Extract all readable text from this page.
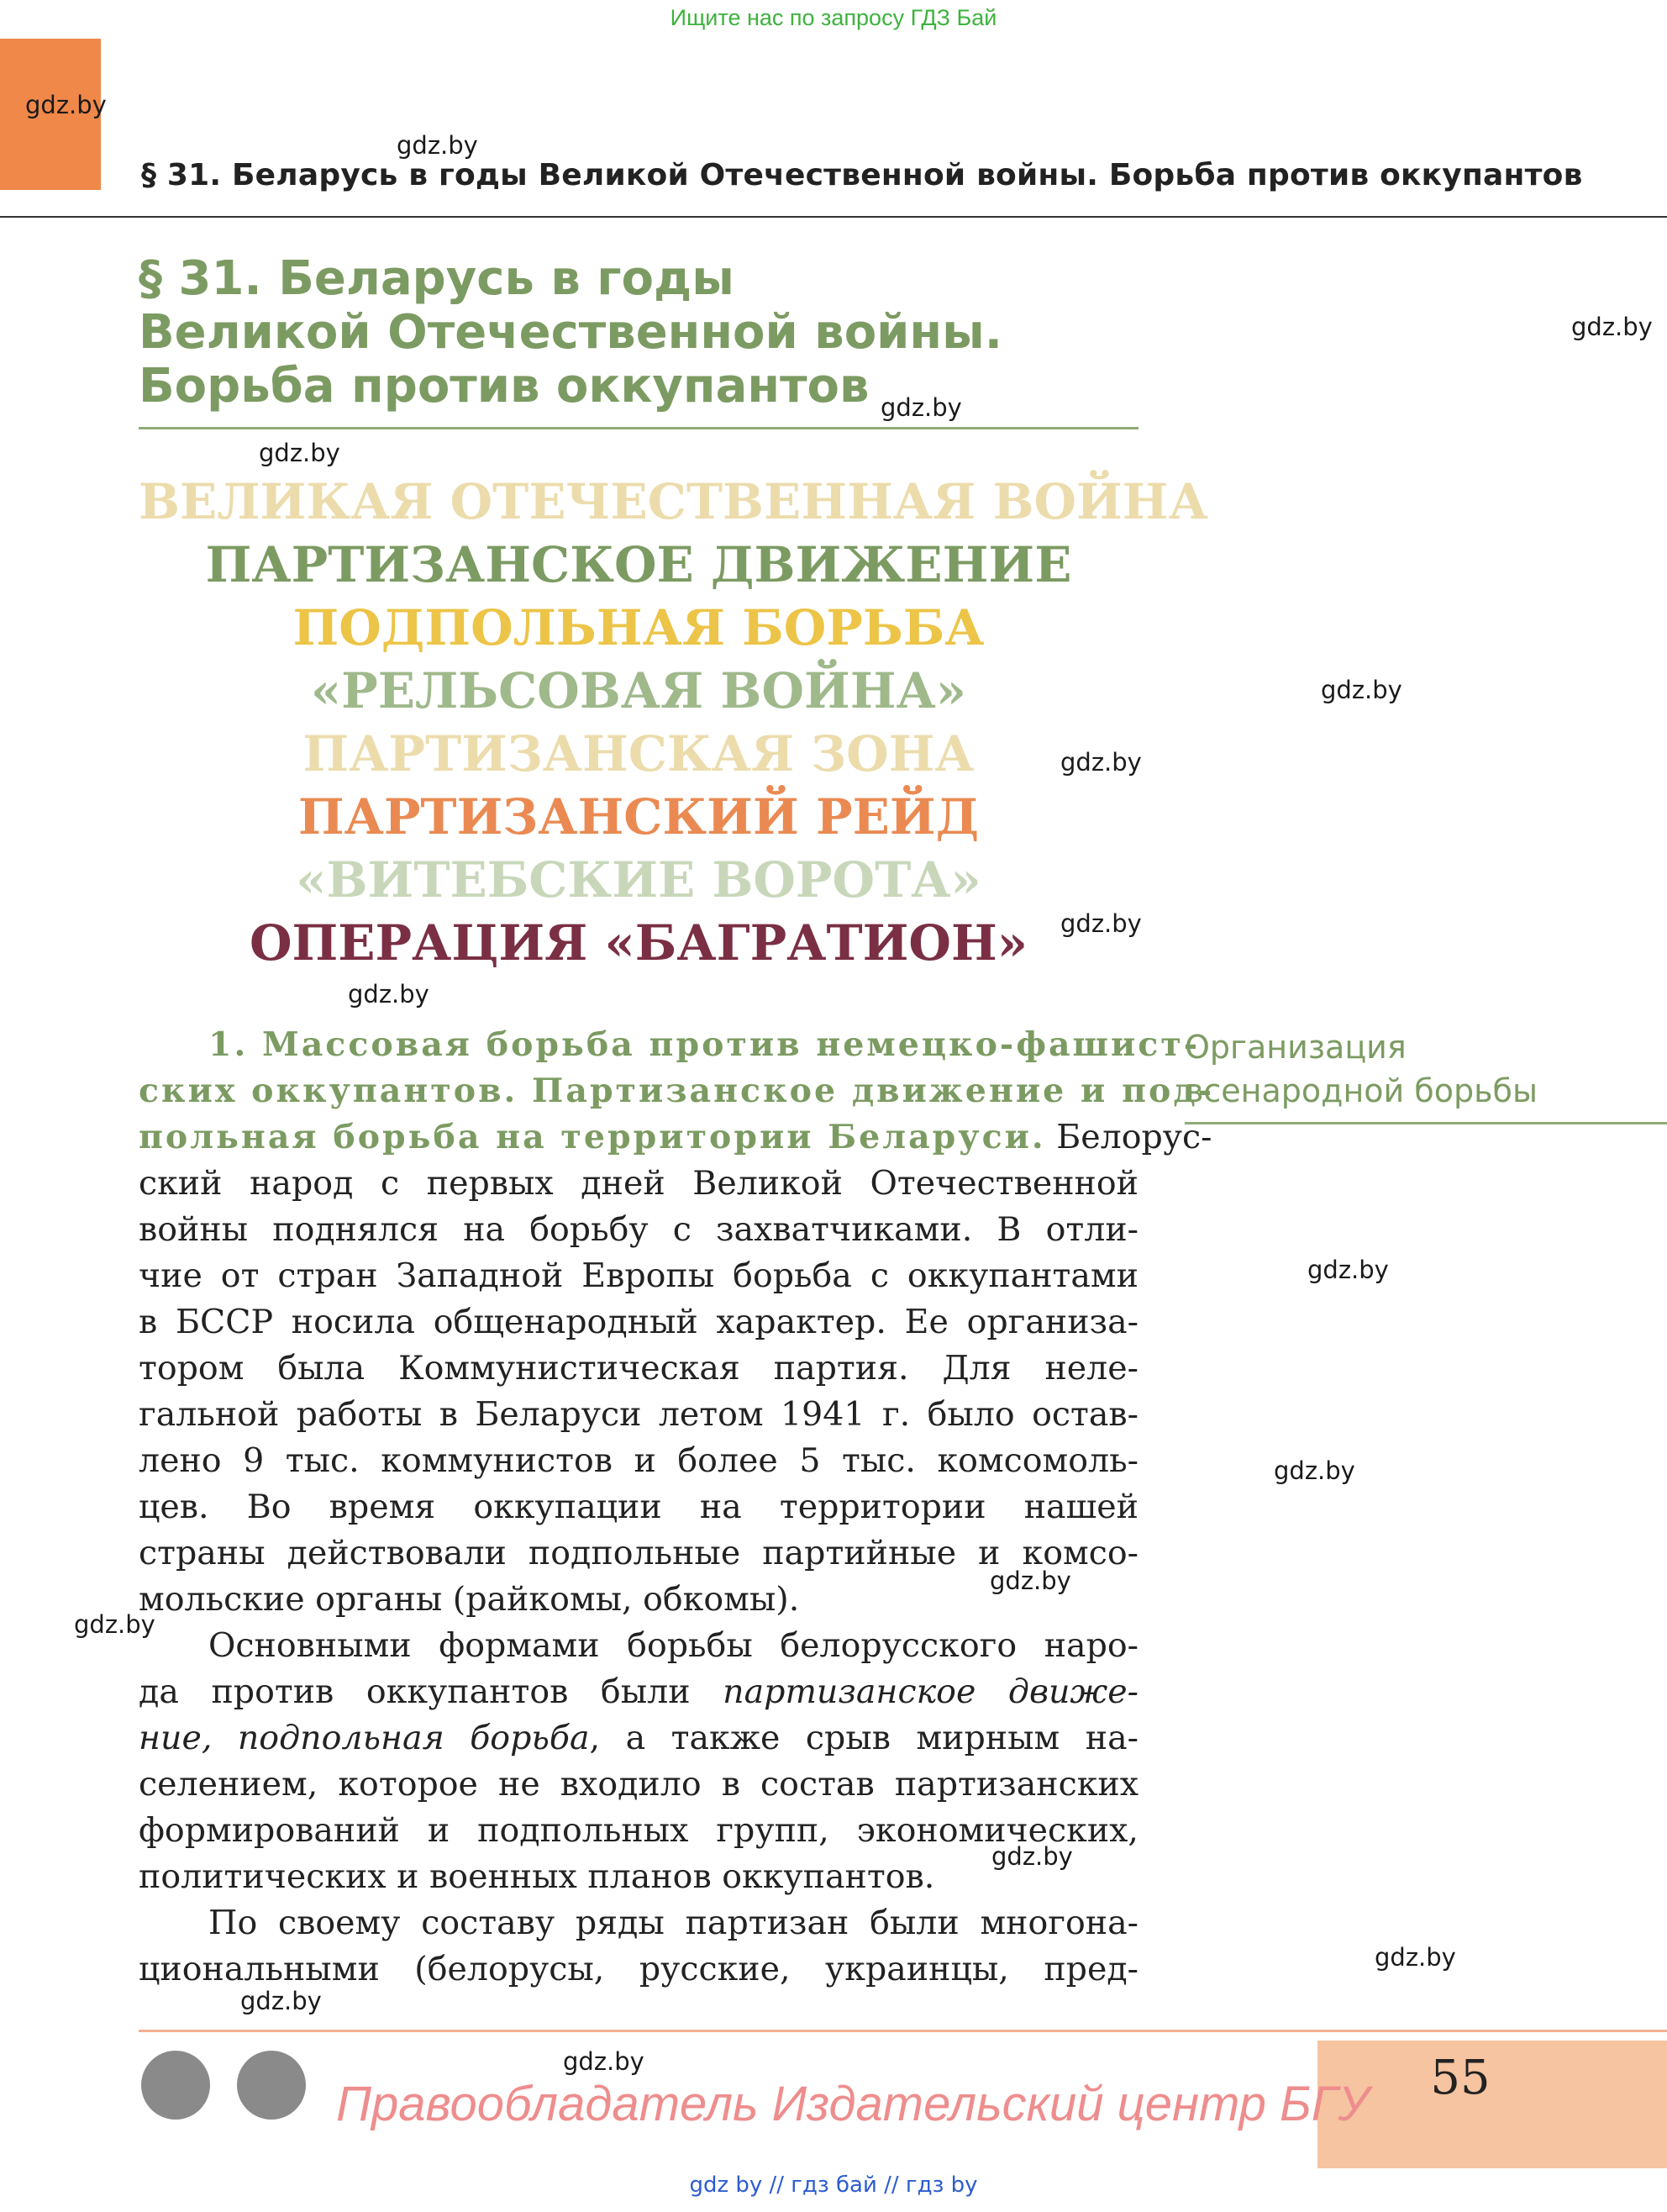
Ищите нас по запросу ГДЗ Бай
gdz.by
gdz.by
gdz.by
gdz.by
gdz.by
gdz.by
gdz.by
gdz.by
gdz.by
gdz.by
gdz.by
gdz.by
gdz.by
gdz.by
gdz.by
gdz.by
gdz.by
§ 31. Беларусь в годы Великой Отечественной войны. Борьба против оккупантов
§ 31. Беларусь в годы
Великой Отечественной войны.
Борьба против оккупантов
ВЕЛИКАЯ ОТЕЧЕСТВЕННАЯ ВОЙНА
ПАРТИЗАНСКОЕ ДВИЖЕНИЕ
ПОДПОЛЬНАЯ БОРЬБА
«РЕЛЬСОВАЯ ВОЙНА»
ПАРТИЗАНСКАЯ ЗОНА
ПАРТИЗАНСКИЙ РЕЙД
«ВИТЕБСКИЕ ВОРОТА»
ОПЕРАЦИЯ «БАГРАТИОН»
Организация
всенародной борьбы
1. Массовая борьба против немецко-фашист-
ских оккупантов. Партизанское движение и под-
польная борьба на территории Беларуси. Белорус-
ский народ с первых дней Великой Отечественной
войны поднялся на борьбу с захватчиками. В отли-
чие от стран Западной Европы борьба с оккупантами
в БССР носила общенародный характер. Ее организа-
тором была Коммунистическая партия. Для неле-
гальной работы в Беларуси летом 1941 г. было остав-
лено 9 тыс. коммунистов и более 5 тыс. комсомоль-
цев. Во время оккупации на территории нашей
страны действовали подпольные партийные и комсо-
мольские органы (райкомы, обкомы).
Основными формами борьбы белорусского наро-
да против оккупантов были партизанское движе-
ние, подпольная борьба, а также срыв мирным на-
селением, которое не входило в состав партизанских
формирований и подпольных групп, экономических,
политических и военных планов оккупантов.
По своему составу ряды партизан были многона-
циональными (белорусы, русские, украинцы, пред-
55
Правообладатель Издательский центр БГУ
gdz by // гдз бай // гдз by
